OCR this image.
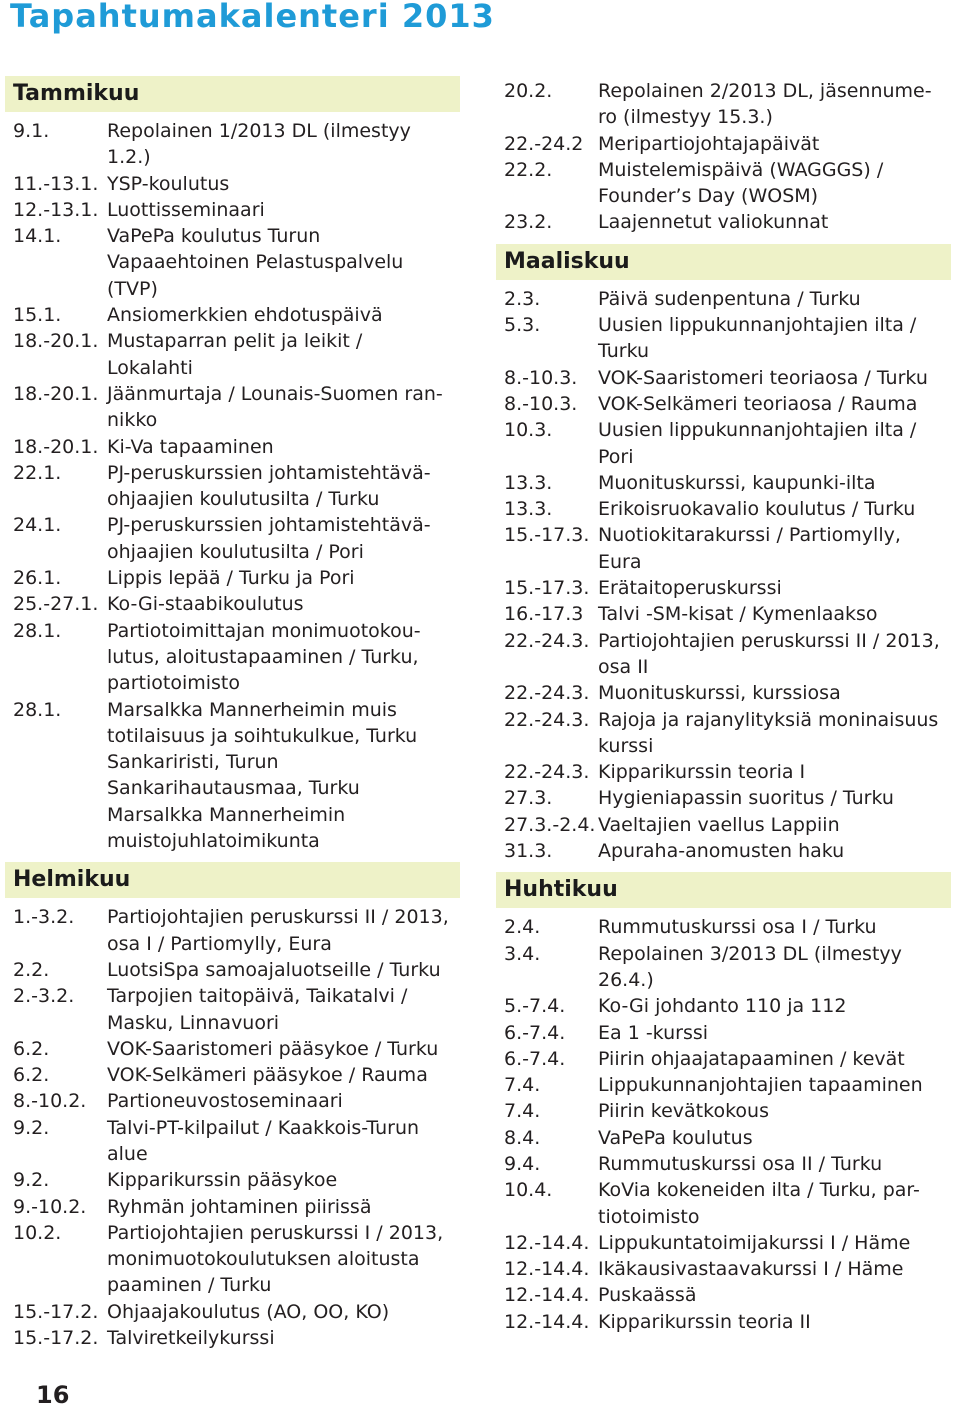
Tapahtumakalenteri 2013
Tammikuu
9.1.	Repolainen 1/2013 DL (ilmestyy
1.2.)
11.-13.1. YSP-koulutus
12.-13.1. Luottisseminaari
14.1.	VaPePa koulutus Turun
Vapaaehtoinen Pelastuspalvelu
(TVP)
15.1.	Ansiomerkkien ehdotuspäivä
18.-20.1. Mustaparran pelit ja leikit /
Lokalahti
18.-20.1. Jäänmurtaja / Lounais-Suomen ran-
nikko
18.-20.1. Ki-Va tapaaminen
22.1.	PJ-peruskurssien johtamistehtävä-
ohjaajien koulutusilta / Turku
24.1.	PJ-peruskurssien johtamistehtävä-
ohjaajien koulutusilta / Pori
26.1.	Lippis lepää / Turku ja Pori
25.-27.1. Ko-Gi-staabikoulutus
28.1.	Partiotoimittajan monimuotokou-
lutus, aloitustapaaminen / Turku,
partiotoimisto
28.1.	Marsalkka Mannerheimin muis
totilaisuus ja soihtukulkue, Turku
Sankariristi, Turun
Sankarihautausmaa, Turku
Marsalkka Mannerheimin
muistojuhlatoimikunta
Helmikuu
1.-3.2.	Partiojohtajien peruskurssi II / 2013,
osa I / Partiomylly, Eura
2.2.	LuotsiSpa samoajaluotseille / Turku
2.-3.2.	Tarpojien taitopäivä, Taikatalvi /
Masku, Linnavuori
6.2.	VOK-Saaristomeri pääsykoe / Turku
6.2.	VOK-Selkämeri pääsykoe / Rauma
8.-10.2.	Partioneuvostoseminaari
9.2.	Talvi-PT-kilpailut / Kaakkois-Turun
alue
9.2.	Kipparikurssin pääsykoe
9.-10.2.	Ryhmän johtaminen piirissä
10.2.	Partiojohtajien peruskurssi I / 2013,
monimuotokoulutuksen aloitusta
paaminen / Turku
15.-17.2. Ohjaajakoulutus (AO, OO, KO)
15.-17.2. Talviretkeilykurssi
20.2.	Repolainen 2/2013 DL, jäsennume-
ro (ilmestyy 15.3.)
22.-24.2 Meripartiojohtajapäivät
22.2.	Muistelemispäivä (WAGGGS) /
Founder’s Day (WOSM)
23.2.	Laajennetut valiokunnat
Maaliskuu
2.3.	Päivä sudenpentuna / Turku
5.3.	Uusien lippukunnanjohtajien ilta /
Turku
8.-10.3.	VOK-Saaristomeri teoriaosa / Turku
8.-10.3.	VOK-Selkämeri teoriaosa / Rauma
10.3.	Uusien lippukunnanjohtajien ilta /
Pori
13.3.	Muonituskurssi, kaupunki-ilta
13.3.	Erikoisruokavalio koulutus / Turku
15.-17.3. Nuotiokitarakurssi / Partiomylly,
Eura
15.-17.3. Erätaitoperuskurssi
16.-17.3 Talvi -SM-kisat / Kymenlaakso
22.-24.3. Partiojohtajien peruskurssi II / 2013,
osa II
22.-24.3. Muonituskurssi, kurssiosa
22.-24.3. Rajoja ja rajanylityksiä moninaisuus
kurssi
22.-24.3. Kipparikurssin teoria I
27.3.	Hygieniapassin suoritus / Turku
27.3.-2.4. Vaeltajien vaellus Lappiin
31.3.	Apuraha-anomusten haku
Huhtikuu
2.4.	Rummutuskurssi osa I / Turku
3.4.	Repolainen 3/2013 DL (ilmestyy
26.4.)
5.-7.4.	Ko-Gi johdanto 110 ja 112
6.-7.4.	Ea 1 -kurssi
6.-7.4.	Piirin ohjaajatapaaminen / kevät
7.4.	Lippukunnanjohtajien tapaaminen
7.4.	Piirin kevätkokous
8.4.	VaPePa koulutus
9.4.	Rummutuskurssi osa II / Turku
10.4.	KoVia kokeneiden ilta / Turku, par-
tiotoimisto
12.-14.4. Lippukuntatoimijakurssi I / Häme
12.-14.4. Ikäkausivastaavakurssi I / Häme
12.-14.4. Puskaässä
12.-14.4. Kipparikurssin teoria II
16
